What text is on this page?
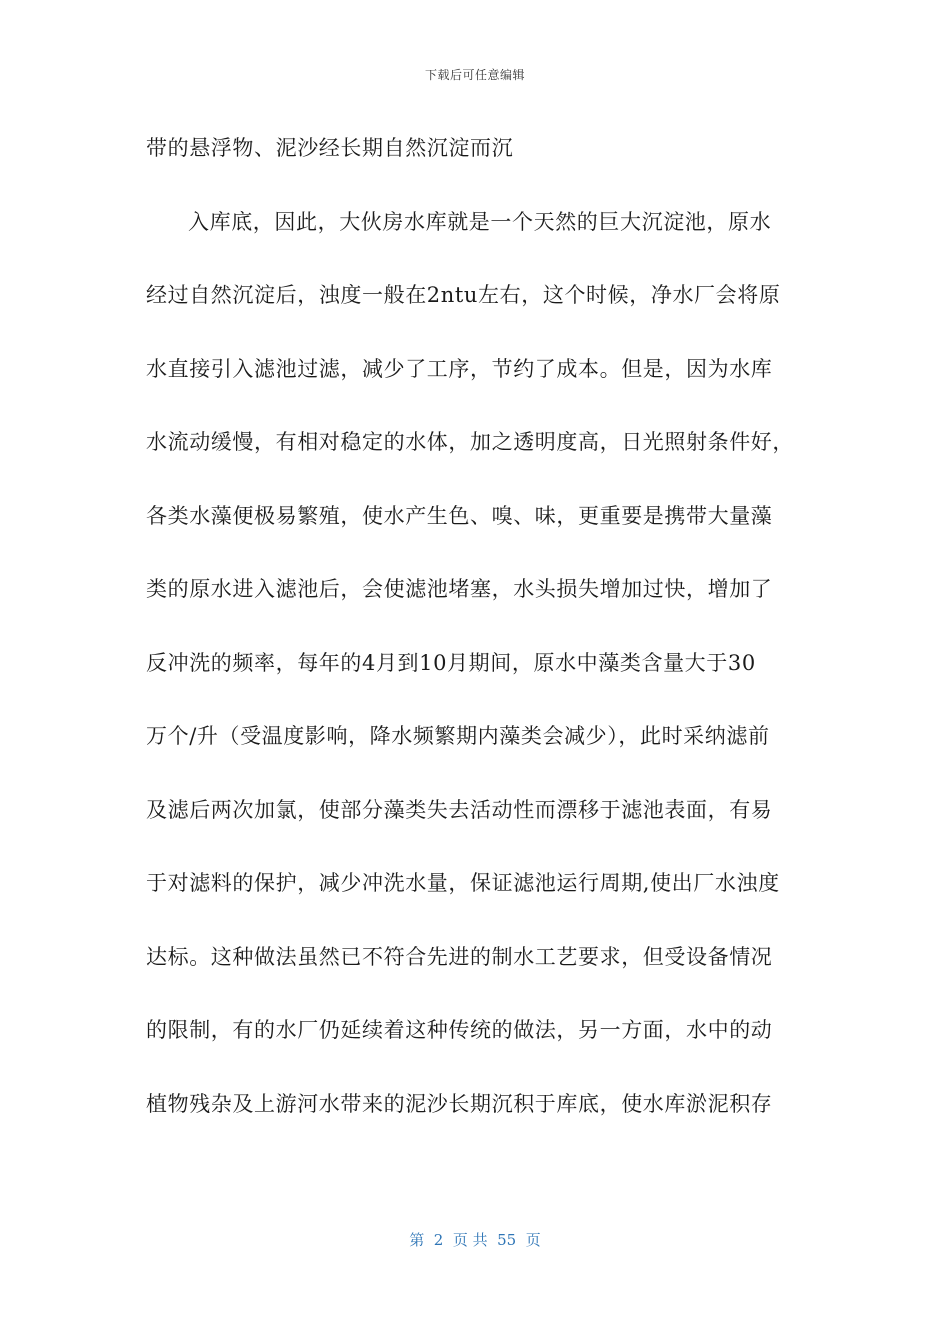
下载后可任意编辑
带的悬浮物、泥沙经长期自然沉淀而沉
入库底，因此，大伙房水库就是一个天然的巨大沉淀池，原水
经过自然沉淀后，浊度一般在2ntu左右，这个时候，净水厂会将原
水直接引入滤池过滤，减少了工序，节约了成本。但是，因为水库
水流动缓慢，有相对稳定的水体，加之透明度高，日光照射条件好，
各类水藻便极易繁殖，使水产生色、嗅、味，更重要是携带大量藻
类的原水进入滤池后，会使滤池堵塞，水头损失增加过快，增加了
反冲洗的频率，每年的4月到10月期间，原水中藻类含量大于30
万个/升（受温度影响，降水频繁期内藻类会减少），此时采纳滤前
及滤后两次加氯，使部分藻类失去活动性而漂移于滤池表面，有易
于对滤料的保护，减少冲洗水量，保证滤池运行周期,使出厂水浊度
达标。这种做法虽然已不符合先进的制水工艺要求，但受设备情况
的限制，有的水厂仍延续着这种传统的做法，另一方面，水中的动
植物残杂及上游河水带来的泥沙长期沉积于库底，使水库淤泥积存
第  2  页 共  55  页
